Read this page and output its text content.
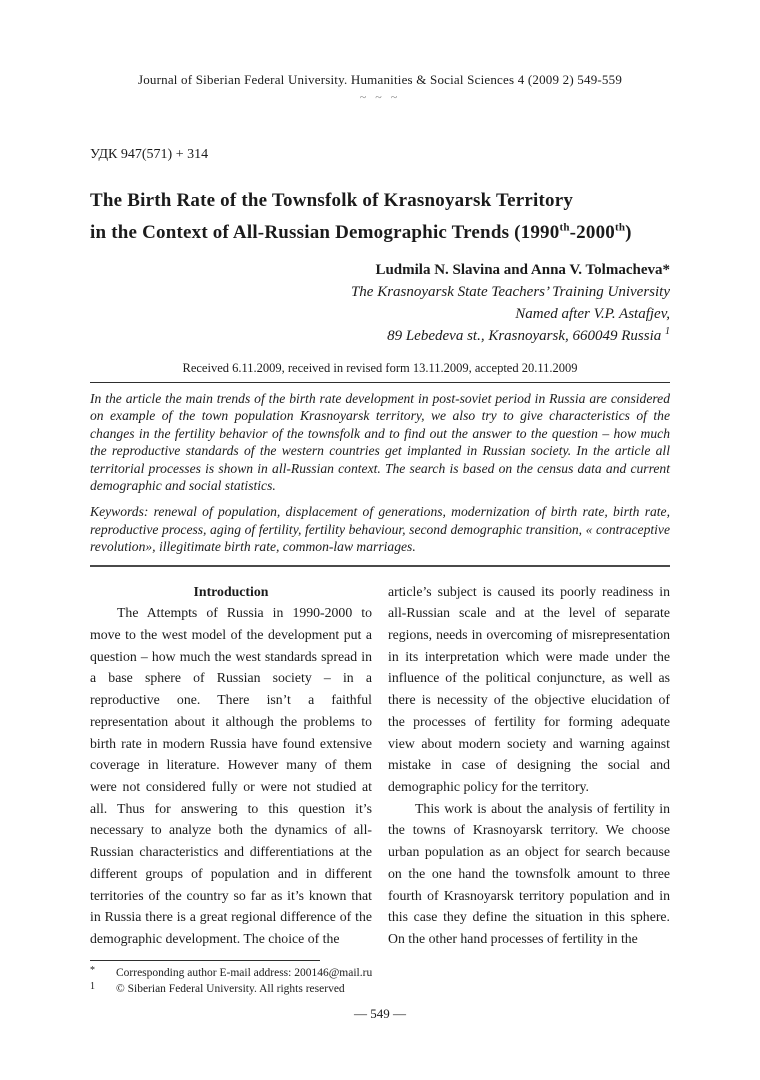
Journal of Siberian Federal University. Humanities & Social Sciences 4 (2009 2) 549-559
~ ~ ~
УДК 947(571) + 314
The Birth Rate of the Townsfolk of Krasnoyarsk Territory
in the Context of All-Russian Demographic Trends (1990th-2000th)
Ludmila N. Slavina and Anna V. Tolmacheva*
The Krasnoyarsk State Teachers’ Training University
Named after V.P. Astafjev,
89 Lebedeva st., Krasnoyarsk, 660049 Russia $^1$
Received 6.11.2009, received in revised form 13.11.2009, accepted 20.11.2009
In the article the main trends of the birth rate development in post-soviet period in Russia are considered on example of the town population Krasnoyarsk territory, we also try to give characteristics of the changes in the fertility behavior of the townsfolk and to find out the answer to the question – how much the reproductive standards of the western countries get implanted in Russian society. In the article all territorial processes is shown in all-Russian context. The search is based on the census data and current demographic and social statistics.
Keywords: renewal of population, displacement of generations, modernization of birth rate, birth rate, reproductive process, aging of fertility, fertility behaviour, second demographic transition, « contraceptive revolution», illegitimate birth rate, common-law marriages.
Introduction

The Attempts of Russia in 1990-2000 to move to the west model of the development put a question – how much the west standards spread in a base sphere of Russian society – in a reproductive one. There isn’t a faithful representation about it although the problems to birth rate in modern Russia have found extensive coverage in literature. However many of them were not considered fully or were not studied at all. Thus for answering to this question it’s necessary to analyze both the dynamics of all-Russian characteristics and differentiations at the different groups of population and in different territories of the country so far as it’s known that in Russia there is a great regional difference of the demographic development. The choice of the

article’s subject is caused its poorly readiness in all-Russian scale and at the level of separate regions, needs in overcoming of misrepresentation in its interpretation which were made under the influence of the political conjuncture, as well as there is necessity of the objective elucidation of the processes of fertility for forming adequate view about modern society and warning against mistake in case of designing the social and demographic policy for the territory.

This work is about the analysis of fertility in the towns of Krasnoyarsk territory. We choose urban population as an object for search because on the one hand the townsfolk amount to three fourth of Krasnoyarsk territory population and in this case they define the situation in this sphere. On the other hand processes of fertility in the

*	Corresponding author E-mail address: 200146@mail.ru
1	© Siberian Federal University. All rights reserved
— 549 —
